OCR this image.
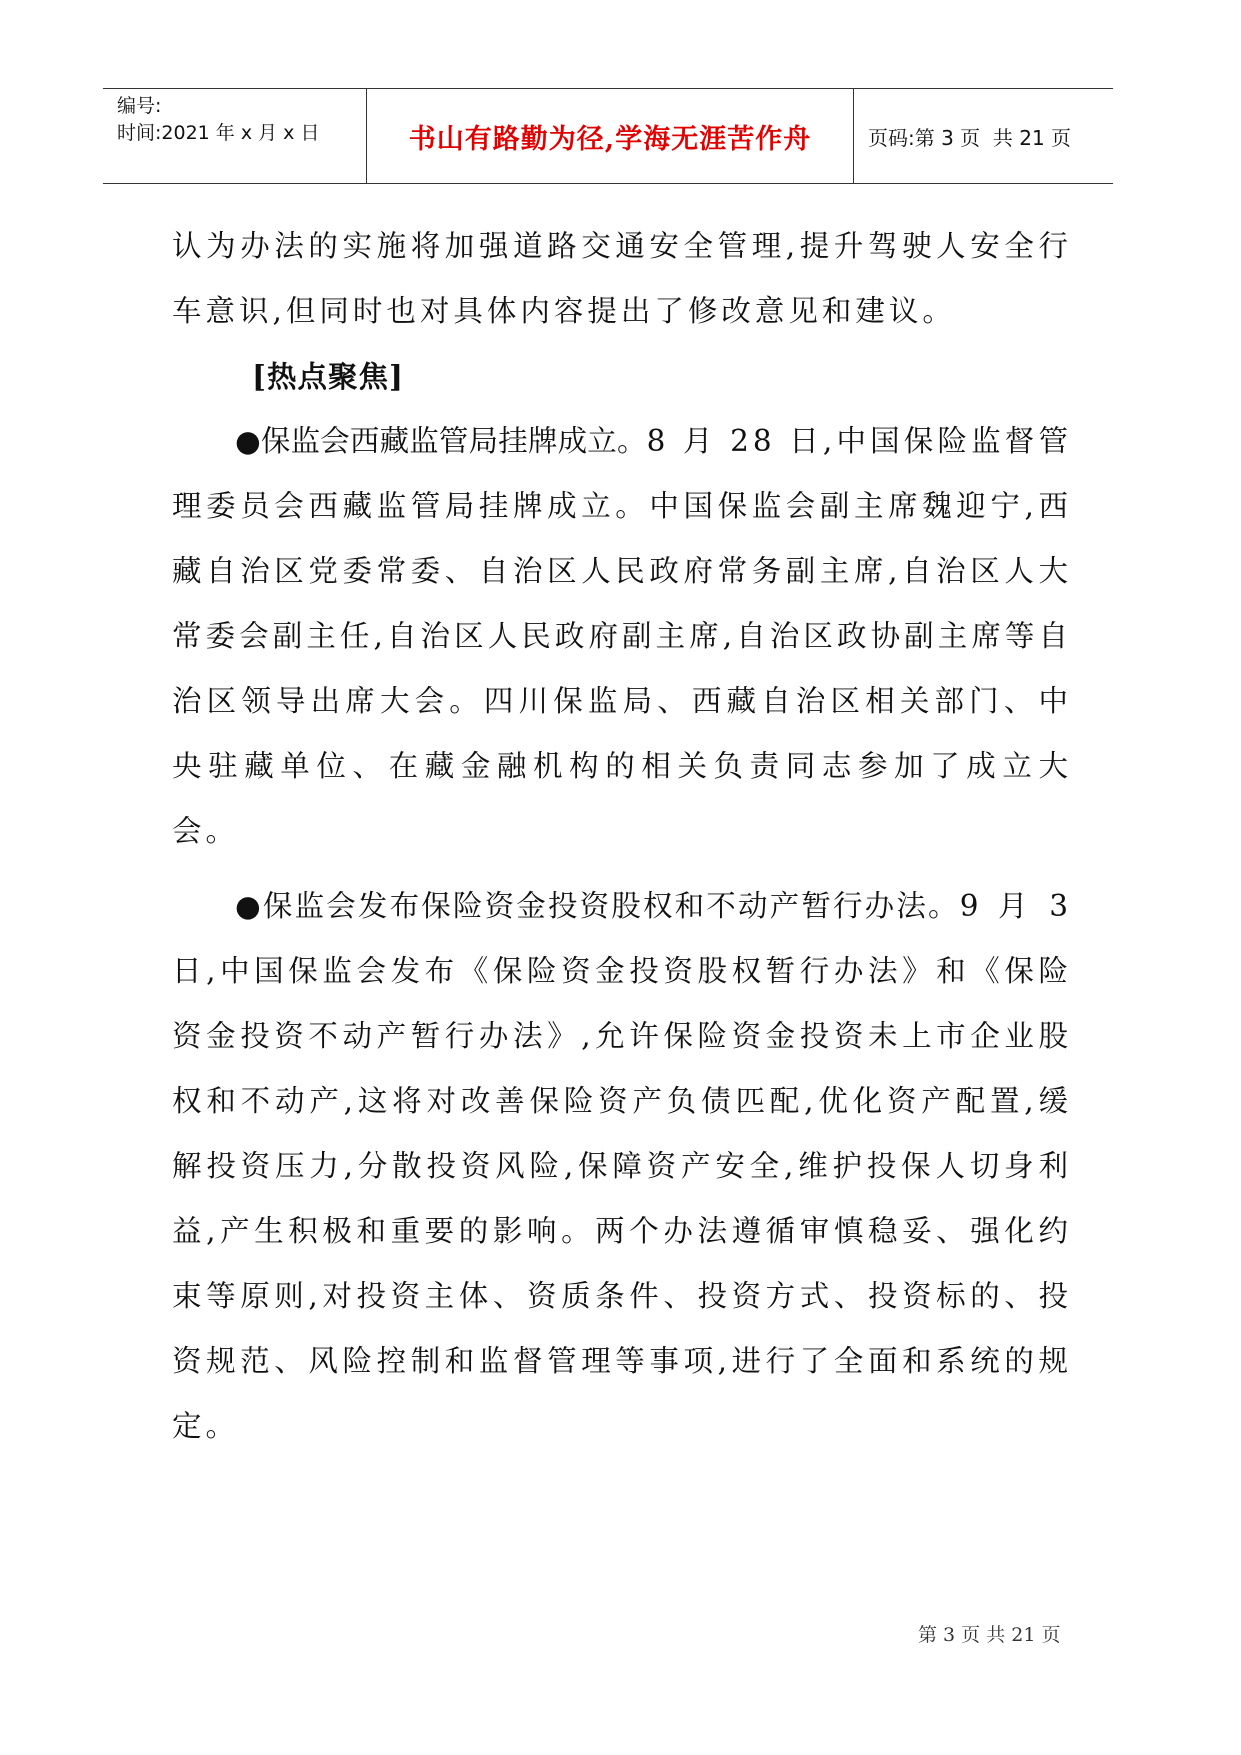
编号:
时间:2021 年 x 月 x 日	书山有路勤为径,学海无涯苦作舟	页码:第 3 页  共 21 页

认为办法的实施将加强道路交通安全管理,提升驾驶人安全行车意识,但同时也对具体内容提出了修改意见和建议。

[热点聚焦]

●保监会西藏监管局挂牌成立。8 月 28 日,中国保险监督管理委员会西藏监管局挂牌成立。中国保监会副主席魏迎宁,西藏自治区党委常委、自治区人民政府常务副主席,自治区人大常委会副主任,自治区人民政府副主席,自治区政协副主席等自治区领导出席大会。四川保监局、西藏自治区相关部门、中央驻藏单位、在藏金融机构的相关负责同志参加了成立大会。

●保监会发布保险资金投资股权和不动产暂行办法。9 月 3 日,中国保监会发布《保险资金投资股权暂行办法》和《保险资金投资不动产暂行办法》,允许保险资金投资未上市企业股权和不动产,这将对改善保险资产负债匹配,优化资产配置,缓解投资压力,分散投资风险,保障资产安全,维护投保人切身利益,产生积极和重要的影响。两个办法遵循审慎稳妥、强化约束等原则,对投资主体、资质条件、投资方式、投资标的、投资规范、风险控制和监督管理等事项,进行了全面和系统的规定。

第 3 页 共 21 页
